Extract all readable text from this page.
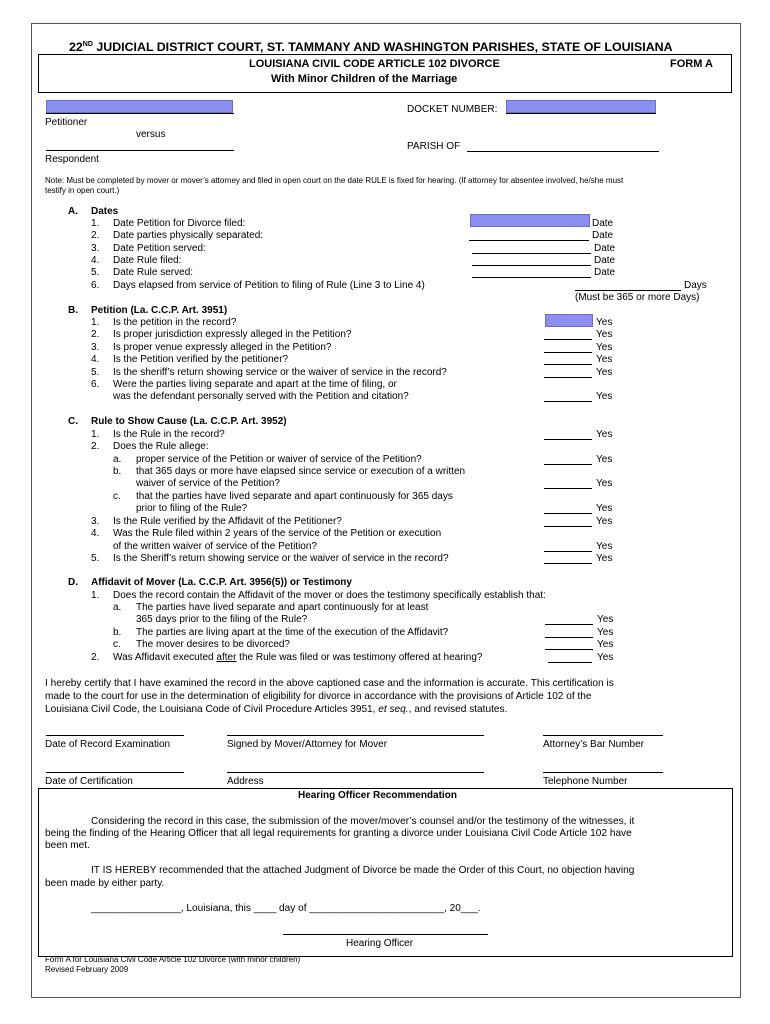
22ND JUDICIAL DISTRICT COURT, ST. TAMMANY AND WASHINGTON PARISHES, STATE OF LOUISIANA
LOUISIANA CIVIL CODE ARTICLE 102 DIVORCE
With Minor Children of the Marriage
FORM A
Petitioner
versus
Respondent
DOCKET NUMBER:
PARISH OF
Note: Must be completed by mover or mover’s attorney and filed in open court on the date RULE is fixed for hearing. (If attorney for absentee involved, he/she must
testify in open court.)
A. Dates
1. Date Petition for Divorce filed:	Date
2. Date parties physically separated:	Date
3. Date Petition served:	Date
4. Date Rule filed:	Date
5. Date Rule served:	Date
6. Days elapsed from service of Petition to filing of Rule (Line 3 to Line 4)	Days
(Must be 365 or more Days)
B. Petition (La. C.C.P. Art. 3951)
1. Is the petition in the record?	Yes
2. Is proper jurisdiction expressly alleged in the Petition?	Yes
3. Is proper venue expressly alleged in the Petition?	Yes
4. Is the Petition verified by the petitioner?	Yes
5. Is the sheriff’s return showing service or the waiver of service in the record?	Yes
6. Were the parties living separate and apart at the time of filing, or
was the defendant personally served with the Petition and citation?	Yes
C. Rule to Show Cause (La. C.C.P. Art. 3952)
1. Is the Rule in the record?	Yes
2. Does the Rule allege:
a. proper service of the Petition or waiver of service of the Petition?	Yes
b. that 365 days or more have elapsed since service or execution of a written
waiver of service of the Petition?	Yes
c. that the parties have lived separate and apart continuously for 365 days
prior to filing of the Rule?	Yes
3. Is the Rule verified by the Affidavit of the Petitioner?	Yes
4. Was the Rule filed within 2 years of the service of the Petition or execution
of the written waiver of service of the Petition?	Yes
5. Is the Sheriff’s return showing service or the waiver of service in the record?	Yes
D. Affidavit of Mover (La. C.C.P. Art. 3956(5)) or Testimony
1. Does the record contain the Affidavit of the mover or does the testimony specifically establish that:
a. The parties have lived separate and apart continuously for at least
365 days prior to the filing of the Rule?	Yes
b. The parties are living apart at the time of the execution of the Affidavit?	Yes
c. The mover desires to be divorced?	Yes
2. Was Affidavit executed after the Rule was filed or was testimony offered at hearing?	Yes
I hereby certify that I have examined the record in the above captioned case and the information is accurate. This certification is
made to the court for use in the determination of eligibility for divorce in accordance with the provisions of Article 102 of the
Louisiana Civil Code, the Louisiana Code of Civil Procedure Articles 3951, et seq., and revised statutes.
Date of Record Examination	Signed by Mover/Attorney for Mover	Attorney’s Bar Number
Date of Certification	Address	Telephone Number
Hearing Officer Recommendation
Considering the record in this case, the submission of the mover/mover’s counsel and/or the testimony of the witnesses, it
being the finding of the Hearing Officer that all legal requirements for granting a divorce under Louisiana Civil Code Article 102 have
been met.
IT IS HEREBY recommended that the attached Judgment of Divorce be made the Order of this Court, no objection having
been made by either party.
________________, Louisiana, this ____ day of ________________________, 20___.
Hearing Officer
Form A for Louisiana Civil Code Article 102 Divorce (with minor children)
Revised February 2009
